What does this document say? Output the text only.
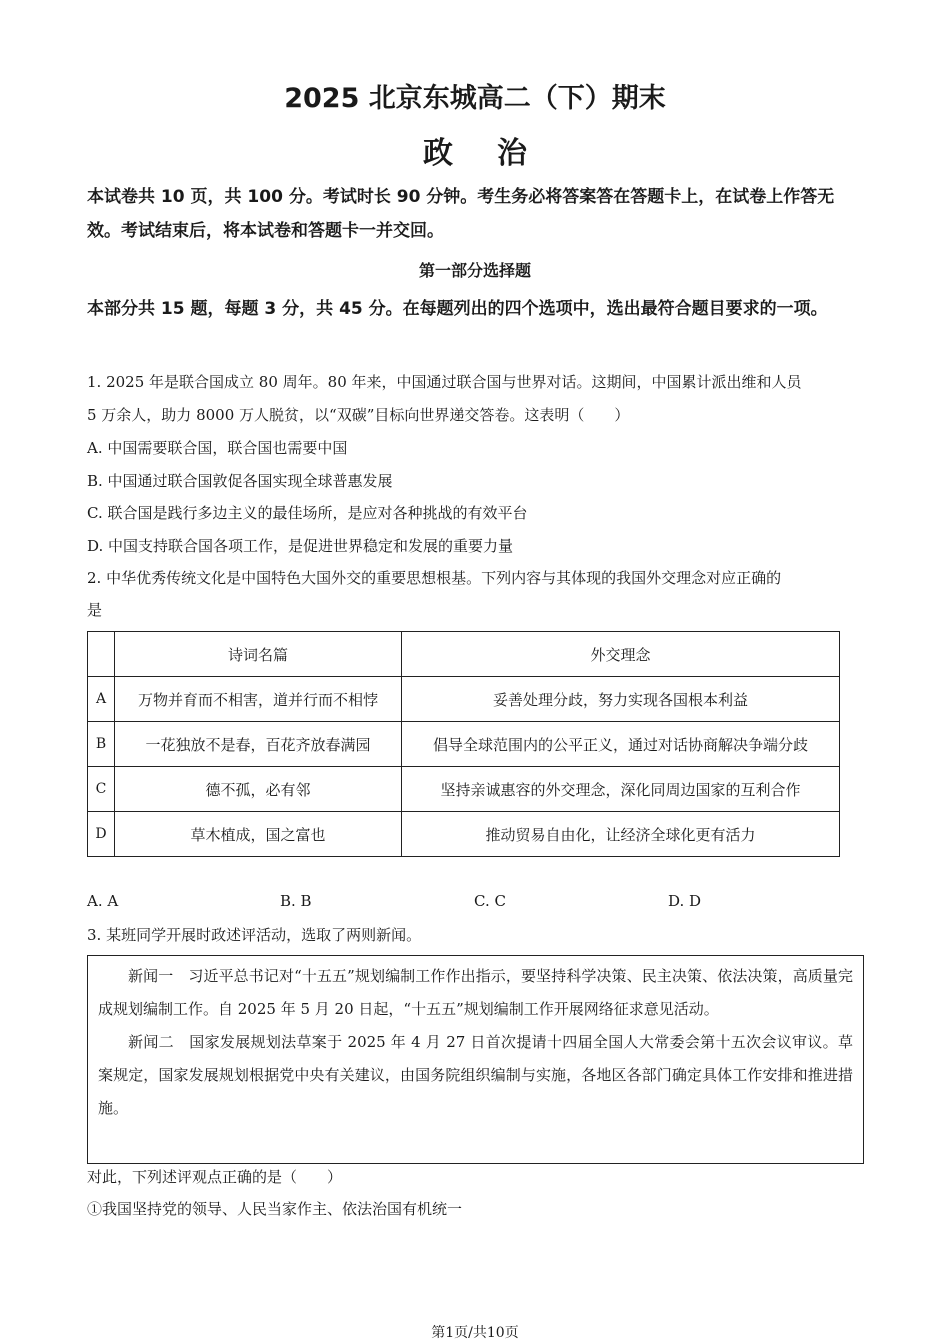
2025 北京东城高二（下）期末
政治
本试卷共 10 页，共 100 分。考试时长 90 分钟。考生务必将答案答在答题卡上，在试卷上作答无效。考试结束后，将本试卷和答题卡一并交回。
第一部分选择题
本部分共 15 题，每题 3 分，共 45 分。在每题列出的四个选项中，选出最符合题目要求的一项。
1. 2025 年是联合国成立 80 周年。80 年来，中国通过联合国与世界对话。这期间，中国累计派出维和人员
5 万余人，助力 8000 万人脱贫，以“双碳”目标向世界递交答卷。这表明（　　）
A. 中国需要联合国，联合国也需要中国
B. 中国通过联合国敦促各国实现全球普惠发展
C. 联合国是践行多边主义的最佳场所，是应对各种挑战的有效平台
D. 中国支持联合国各项工作，是促进世界稳定和发展的重要力量
2. 中华优秀传统文化是中国特色大国外交的重要思想根基。下列内容与其体现的我国外交理念对应正确的
是
	诗词名篇	外交理念
A	万物并育而不相害，道并行而不相悖	妥善处理分歧，努力实现各国根本利益
B	一花独放不是春，百花齐放春满园	倡导全球范围内的公平正义，通过对话协商解决争端分歧
C	德不孤，必有邻	坚持亲诚惠容的外交理念，深化同周边国家的互利合作
D	草木植成，国之富也	推动贸易自由化，让经济全球化更有活力
A. A	B. B	C. C	D. D
3. 某班同学开展时政述评活动，选取了两则新闻。

新闻一　习近平总书记对“十五五”规划编制工作作出指示，要坚持科学决策、民主决策、依法决策，高质量完成规划编制工作。自 2025 年 5 月 20 日起，“十五五”规划编制工作开展网络征求意见活动。

新闻二　国家发展规划法草案于 2025 年 4 月 27 日首次提请十四届全国人大常委会第十五次会议审议。草案规定，国家发展规划根据党中央有关建议，由国务院组织编制与实施，各地区各部门确定具体工作安排和推进措施。

对此，下列述评观点正确的是（　　）
①我国坚持党的领导、人民当家作主、依法治国有机统一
第1页/共10页
